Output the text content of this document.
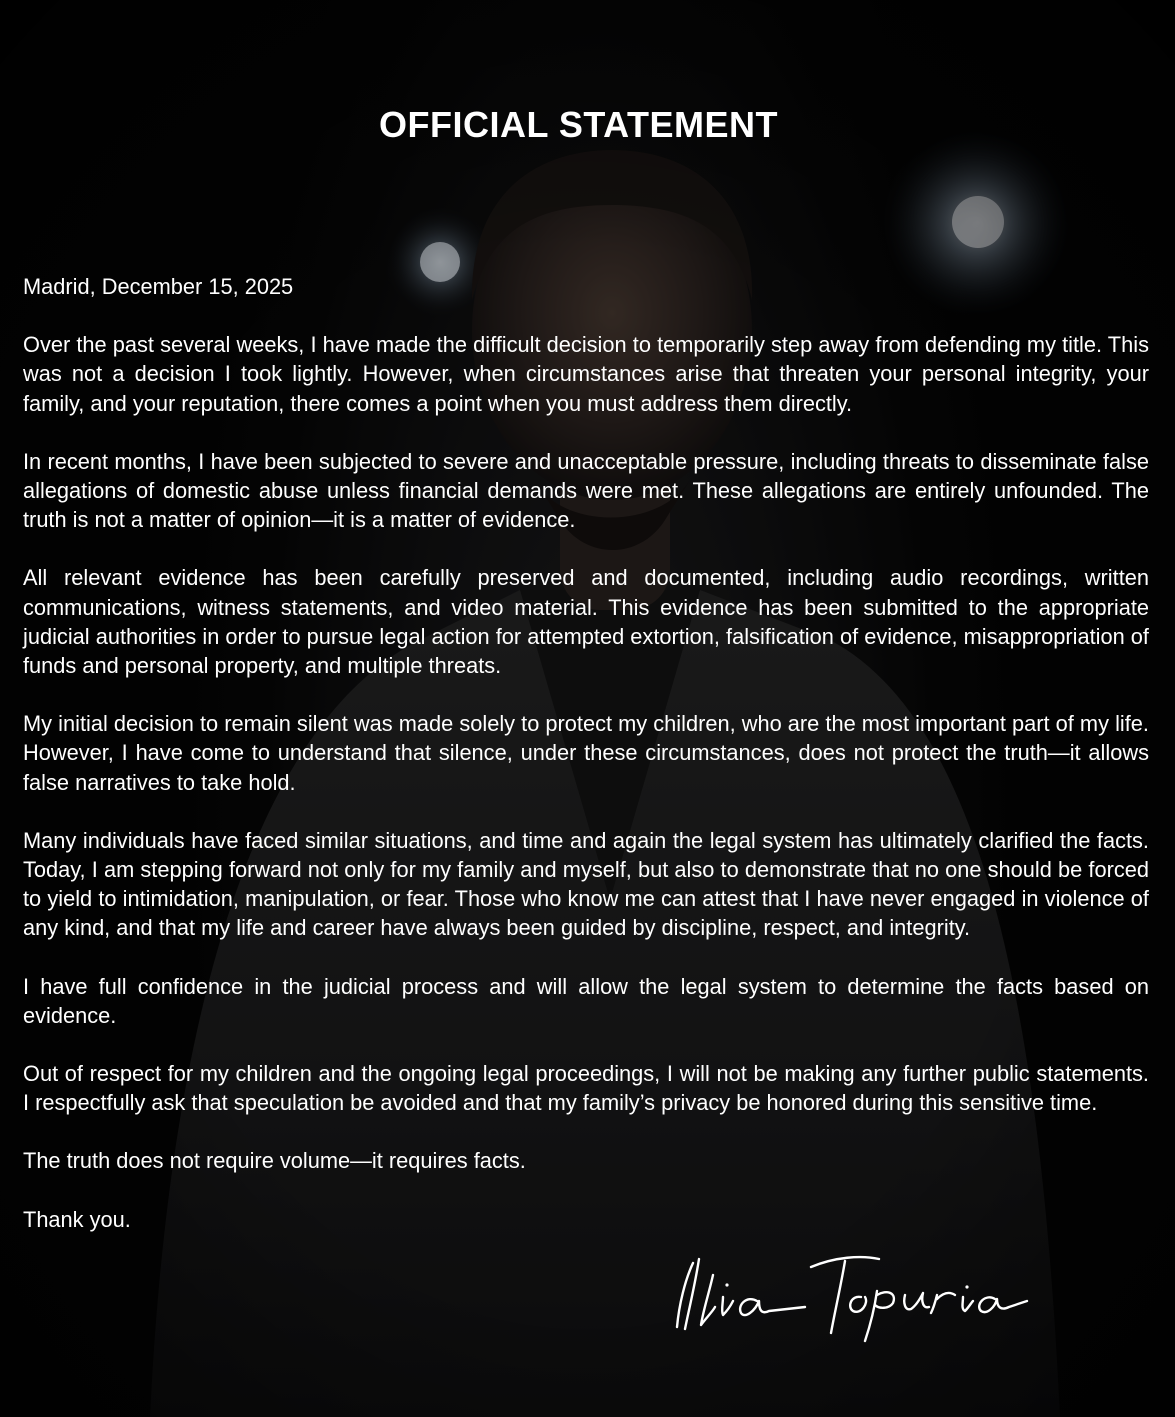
OFFICIAL STATEMENT

Madrid, December 15, 2025

Over the past several weeks, I have made the difficult decision to temporarily step away from defending my title. This was not a decision I took lightly. However, when circumstances arise that threaten your personal integrity, your family, and your reputation, there comes a point when you must address them directly.

In recent months, I have been subjected to severe and unacceptable pressure, including threats to disseminate false allegations of domestic abuse unless financial demands were met. These allegations are entirely unfounded. The truth is not a matter of opinion—it is a matter of evidence.

All relevant evidence has been carefully preserved and documented, including audio recordings, written communications, witness statements, and video material. This evidence has been submitted to the appropriate judicial authorities in order to pursue legal action for attempted extortion, falsification of evidence, misappropriation of funds and personal property, and multiple threats.

My initial decision to remain silent was made solely to protect my children, who are the most important part of my life. However, I have come to understand that silence, under these circumstances, does not protect the truth—it allows false narratives to take hold.

Many individuals have faced similar situations, and time and again the legal system has ultimately clarified the facts. Today, I am stepping forward not only for my family and myself, but also to demonstrate that no one should be forced to yield to intimidation, manipulation, or fear. Those who know me can attest that I have never engaged in violence of any kind, and that my life and career have always been guided by discipline, respect, and integrity.

I have full confidence in the judicial process and will allow the legal system to determine the facts based on evidence.

Out of respect for my children and the ongoing legal proceedings, I will not be making any further public statements. I respectfully ask that speculation be avoided and that my family’s privacy be honored during this sensitive time.

The truth does not require volume—it requires facts.

Thank you.
